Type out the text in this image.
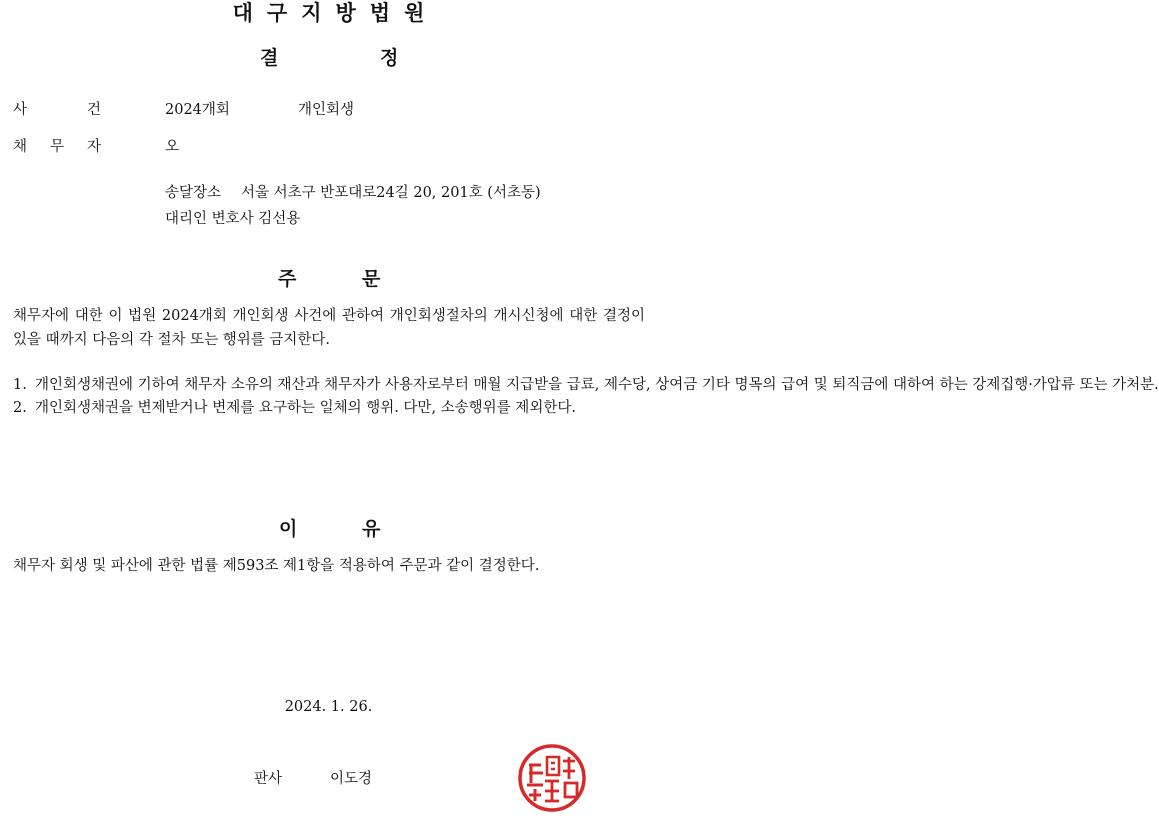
대구지방법원
결	정
사	건	2024개회	개인회생
채 무 자	오
송달장소 서울 서초구 반포대로24길 20, 201호 (서초동)
대리인 변호사 김선용
주	문
채무자에 대한 이 법원 2024개회 개인회생 사건에 관하여 개인회생절차의 개시신청에 대한 결정이 있을 때까지 다음의 각 절차 또는 행위를 금지한다.
1. 개인회생채권에 기하여 채무자 소유의 재산과 채무자가 사용자로부터 매월 지급받을 급료, 제수당, 상여금 기타 명목의 급여 및 퇴직금에 대하여 하는 강제집행·가압류 또는 가처분.
2. 개인회생채권을 변제받거나 변제를 요구하는 일체의 행위. 다만, 소송행위를 제외한다.
이	유
채무자 회생 및 파산에 관한 법률 제593조 제1항을 적용하여 주문과 같이 결정한다.
2024. 1. 26.
판사	이도경
